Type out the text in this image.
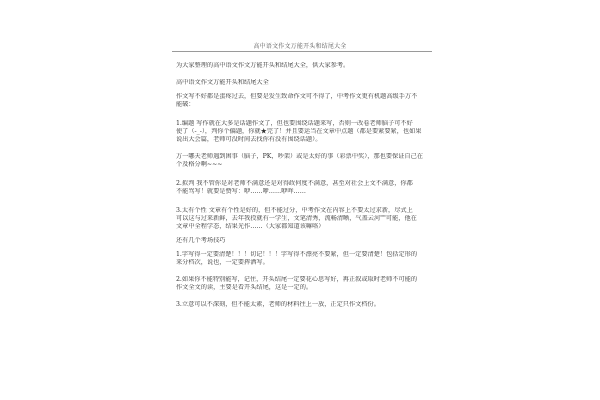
高中语文作文万能开头和结尾大全
为大家整理的高中语文作文万能开头和结尾大全，供大家参考。
高中语文作文万能开头和结尾大全
作文写不好都是蛋疼过去，但要是发生致命作文可不得了，中考作文更有机题高级手万不
能破：
1.编题 写作就在大多是话题作文了，但也要围绕话题来写，否则一改卷老师脑子可不好
使了（-_-），判你个偏题，你就★完了！并且要运当在文章中点题（都是要紧要紧，也如果
说出大会篇，老师可没时间去找你有没有围绕话题）。
万一哪天老师遇到困事（脑子，PK，吵架）或是太好的事（彩票中奖），那也要保证自己在
个及格分啊~~~
2.拟判 我不管你是对老师不满意还是对得政何度不满意，甚至对社会上文不满意，你都
不能骂写！就要是赞写：咿……咿……咿咩……
3.太有个性 文章有个性是好的，但不能过分，中考作文在内容上不要太过求新，尽式上
可以这与过来新鲜，去年我投就有一学生，文笔清秀，流畅清晰，气盖云河""可能，他在
文章中全程学态，结果光作……（大家都知道该嘛咯）
还有几个考场技巧
1.字写得一定要清楚！！！切记！！！字写得不漂亮不要紧，但一定要清楚！包括定形的
来分档次，说也，一定要挥洒写。
2.如果你不能特别能写，记住，开头结尾一定要花心思写好，再正叙或取时老师不可能的
作文全文的读，主要是看开头结尾，这是一定的。
3.立意可以不深刻，但不能太素，老师的材料往上一放，正定只作文档份。
